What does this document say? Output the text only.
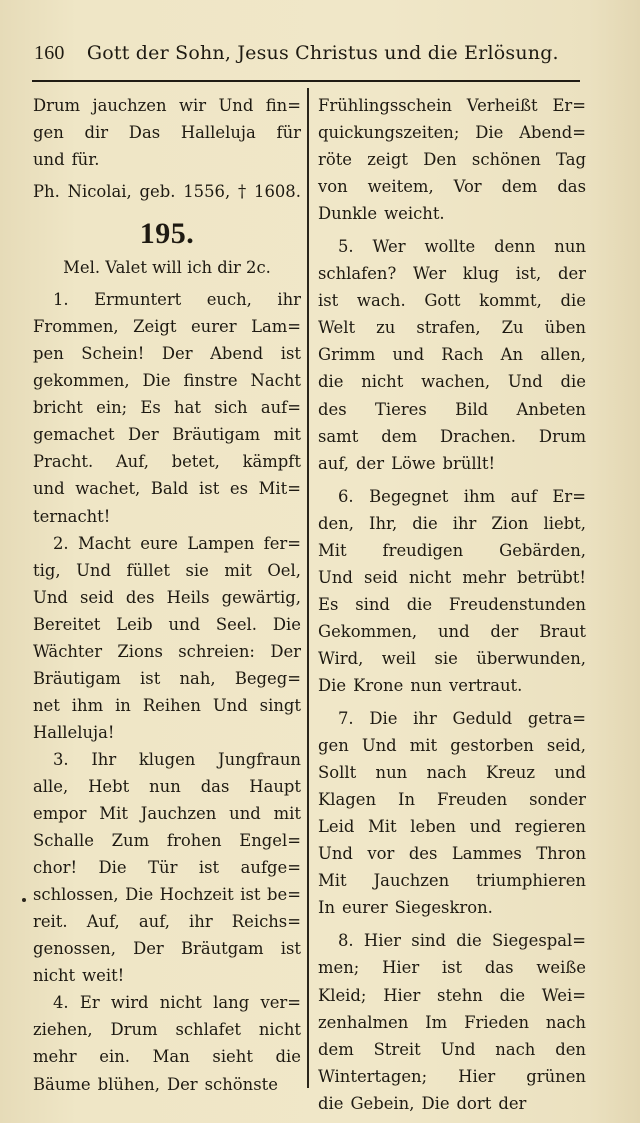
160 Gott der Sohn, Jesus Christus und die Erlösung.
Drum jauchzen wir Und fin=
gen dir Das Halleluja für
und für.
Ph. Nicolai, geb. 1556, † 1608.
195.
Mel. Valet will ich dir 2c.
1. Ermuntert euch, ihr
Frommen, Zeigt eurer Lam=
pen Schein! Der Abend ist
gekommen, Die finstre Nacht
bricht ein; Es hat sich auf=
gemachet Der Bräutigam mit
Pracht. Auf, betet, kämpft
und wachet, Bald ist es Mit=
ternacht!
2. Macht eure Lampen fer=
tig, Und füllet sie mit Oel,
Und seid des Heils gewärtig,
Bereitet Leib und Seel. Die
Wächter Zions schreien: Der
Bräutigam ist nah, Begeg=
net ihm in Reihen Und singt
Halleluja!
3. Ihr klugen Jungfraun
alle, Hebt nun das Haupt
empor Mit Jauchzen und mit
Schalle Zum frohen Engel=
chor! Die Tür ist aufge=
schlossen, Die Hochzeit ist be=
reit. Auf, auf, ihr Reichs=
genossen, Der Bräutgam ist
nicht weit!
4. Er wird nicht lang ver=
ziehen, Drum schlafet nicht
mehr ein. Man sieht die
Bäume blühen, Der schönste
Frühlingsschein Verheißt Er=
quickungszeiten; Die Abend=
röte zeigt Den schönen Tag
von weitem, Vor dem das
Dunkle weicht.
5. Wer wollte denn nun
schlafen? Wer klug ist, der
ist wach. Gott kommt, die
Welt zu strafen, Zu üben
Grimm und Rach An allen,
die nicht wachen, Und die
des Tieres Bild Anbeten
samt dem Drachen. Drum
auf, der Löwe brüllt!
6. Begegnet ihm auf Er=
den, Ihr, die ihr Zion liebt,
Mit freudigen Gebärden,
Und seid nicht mehr betrübt!
Es sind die Freudenstunden
Gekommen, und der Braut
Wird, weil sie überwunden,
Die Krone nun vertraut.
7. Die ihr Geduld getra=
gen Und mit gestorben seid,
Sollt nun nach Kreuz und
Klagen In Freuden sonder
Leid Mit leben und regieren
Und vor des Lammes Thron
Mit Jauchzen triumphieren
In eurer Siegeskron.
8. Hier sind die Siegespal=
men; Hier ist das weiße
Kleid; Hier stehn die Wei=
zenhalmen Im Frieden nach
dem Streit Und nach den
Wintertagen; Hier grünen
die Gebein, Die dort der
